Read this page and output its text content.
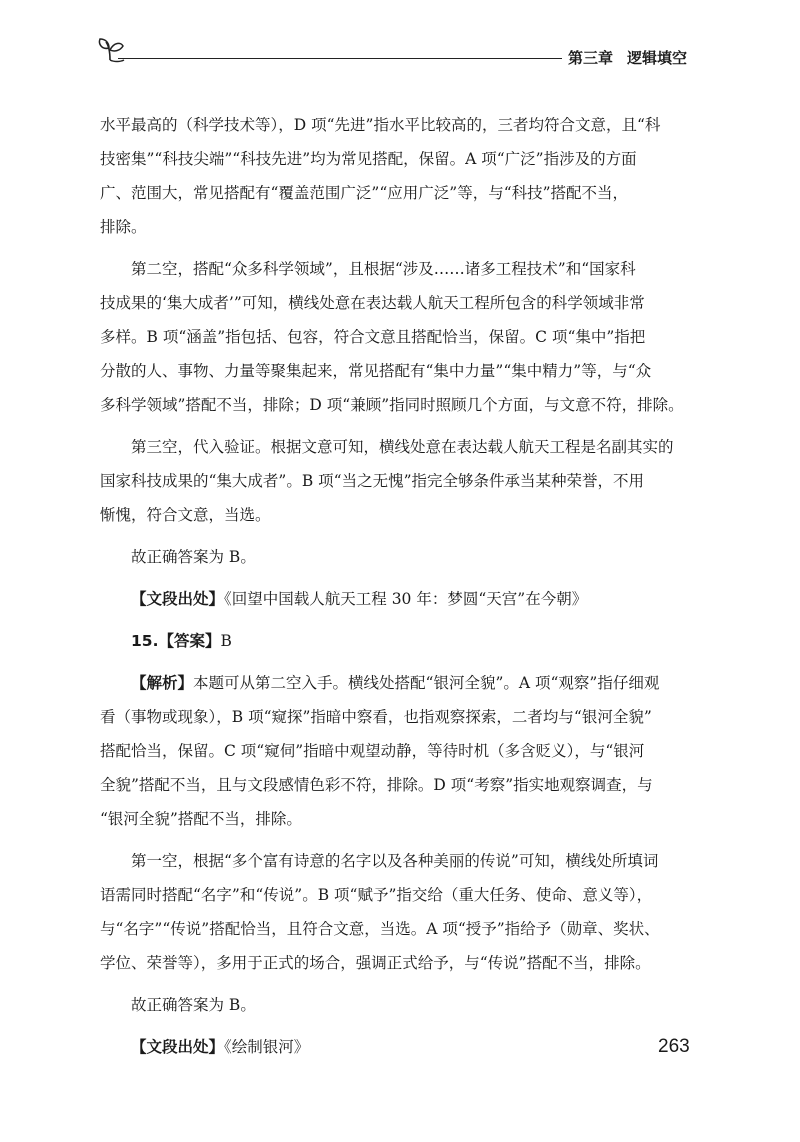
第三章 逻辑填空
水平最高的（科学技术等），D 项“先进”指水平比较高的，三者均符合文意，且“科
技密集”“科技尖端”“科技先进”均为常见搭配，保留。A 项“广泛”指涉及的方面
广、范围大，常见搭配有“覆盖范围广泛”“应用广泛”等，与“科技”搭配不当，
排除。
第二空，搭配“众多科学领域”，且根据“涉及……诸多工程技术”和“国家科
技成果的‘集大成者’”可知，横线处意在表达载人航天工程所包含的科学领域非常
多样。B 项“涵盖”指包括、包容，符合文意且搭配恰当，保留。C 项“集中”指把
分散的人、事物、力量等聚集起来，常见搭配有“集中力量”“集中精力”等，与“众
多科学领域”搭配不当，排除；D 项“兼顾”指同时照顾几个方面，与文意不符，排除。
第三空，代入验证。根据文意可知，横线处意在表达载人航天工程是名副其实的
国家科技成果的“集大成者”。B 项“当之无愧”指完全够条件承当某种荣誉，不用
惭愧，符合文意，当选。
故正确答案为 B。
【文段出处】《回望中国载人航天工程 30 年：梦圆“天宫”在今朝》
15.【答案】B
【解析】本题可从第二空入手。横线处搭配“银河全貌”。A 项“观察”指仔细观
看（事物或现象），B 项“窥探”指暗中察看，也指观察探索，二者均与“银河全貌”
搭配恰当，保留。C 项“窥伺”指暗中观望动静，等待时机（多含贬义），与“银河
全貌”搭配不当，且与文段感情色彩不符，排除。D 项“考察”指实地观察调查，与
“银河全貌”搭配不当，排除。
第一空，根据“多个富有诗意的名字以及各种美丽的传说”可知，横线处所填词
语需同时搭配“名字”和“传说”。B 项“赋予”指交给（重大任务、使命、意义等），
与“名字”“传说”搭配恰当，且符合文意，当选。A 项“授予”指给予（勋章、奖状、
学位、荣誉等），多用于正式的场合，强调正式给予，与“传说”搭配不当，排除。
故正确答案为 B。
【文段出处】《绘制银河》	263
